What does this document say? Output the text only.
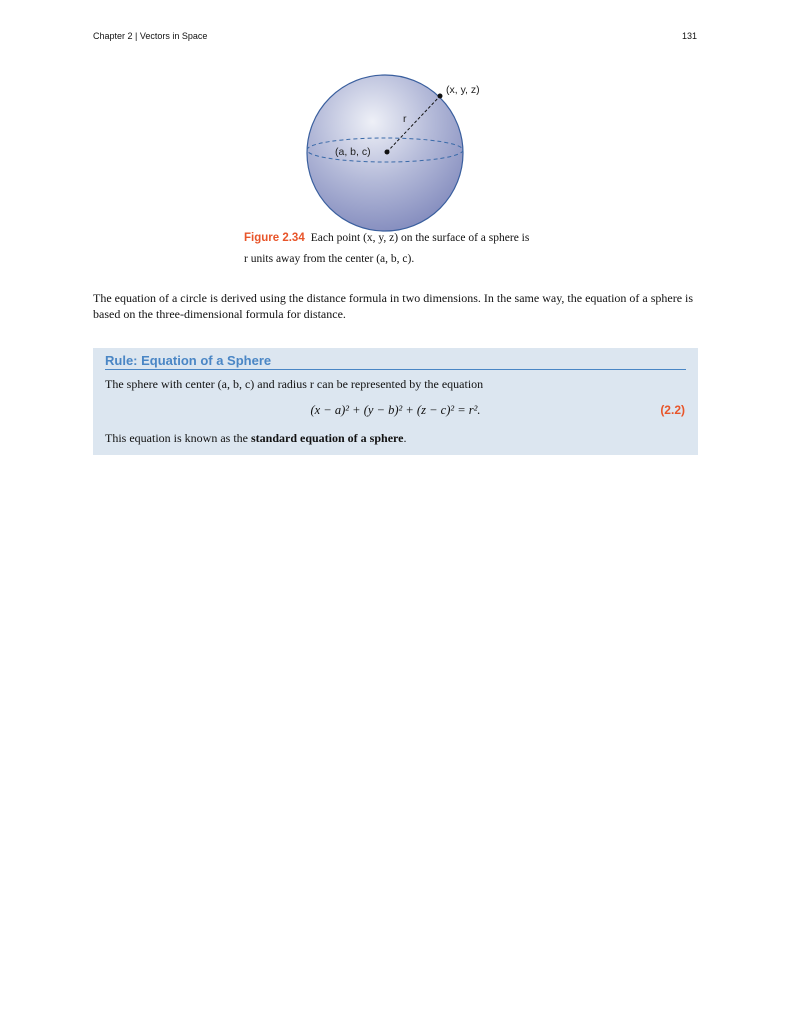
Chapter 2 | Vectors in Space	131
(x, y, z)
(a, b, c)
r
Figure 2.34 Each point (x, y, z) on the surface of a sphere is
r units away from the center (a, b, c).
The equation of a circle is derived using the distance formula in two dimensions. In the same way, the equation of a sphere is based on the three-dimensional formula for distance.
Rule: Equation of a Sphere
The sphere with center (a, b, c) and radius r can be represented by the equation
(x − a)² + (y − b)² + (z − c)² = r².	(2.2)
This equation is known as the standard equation of a sphere.
